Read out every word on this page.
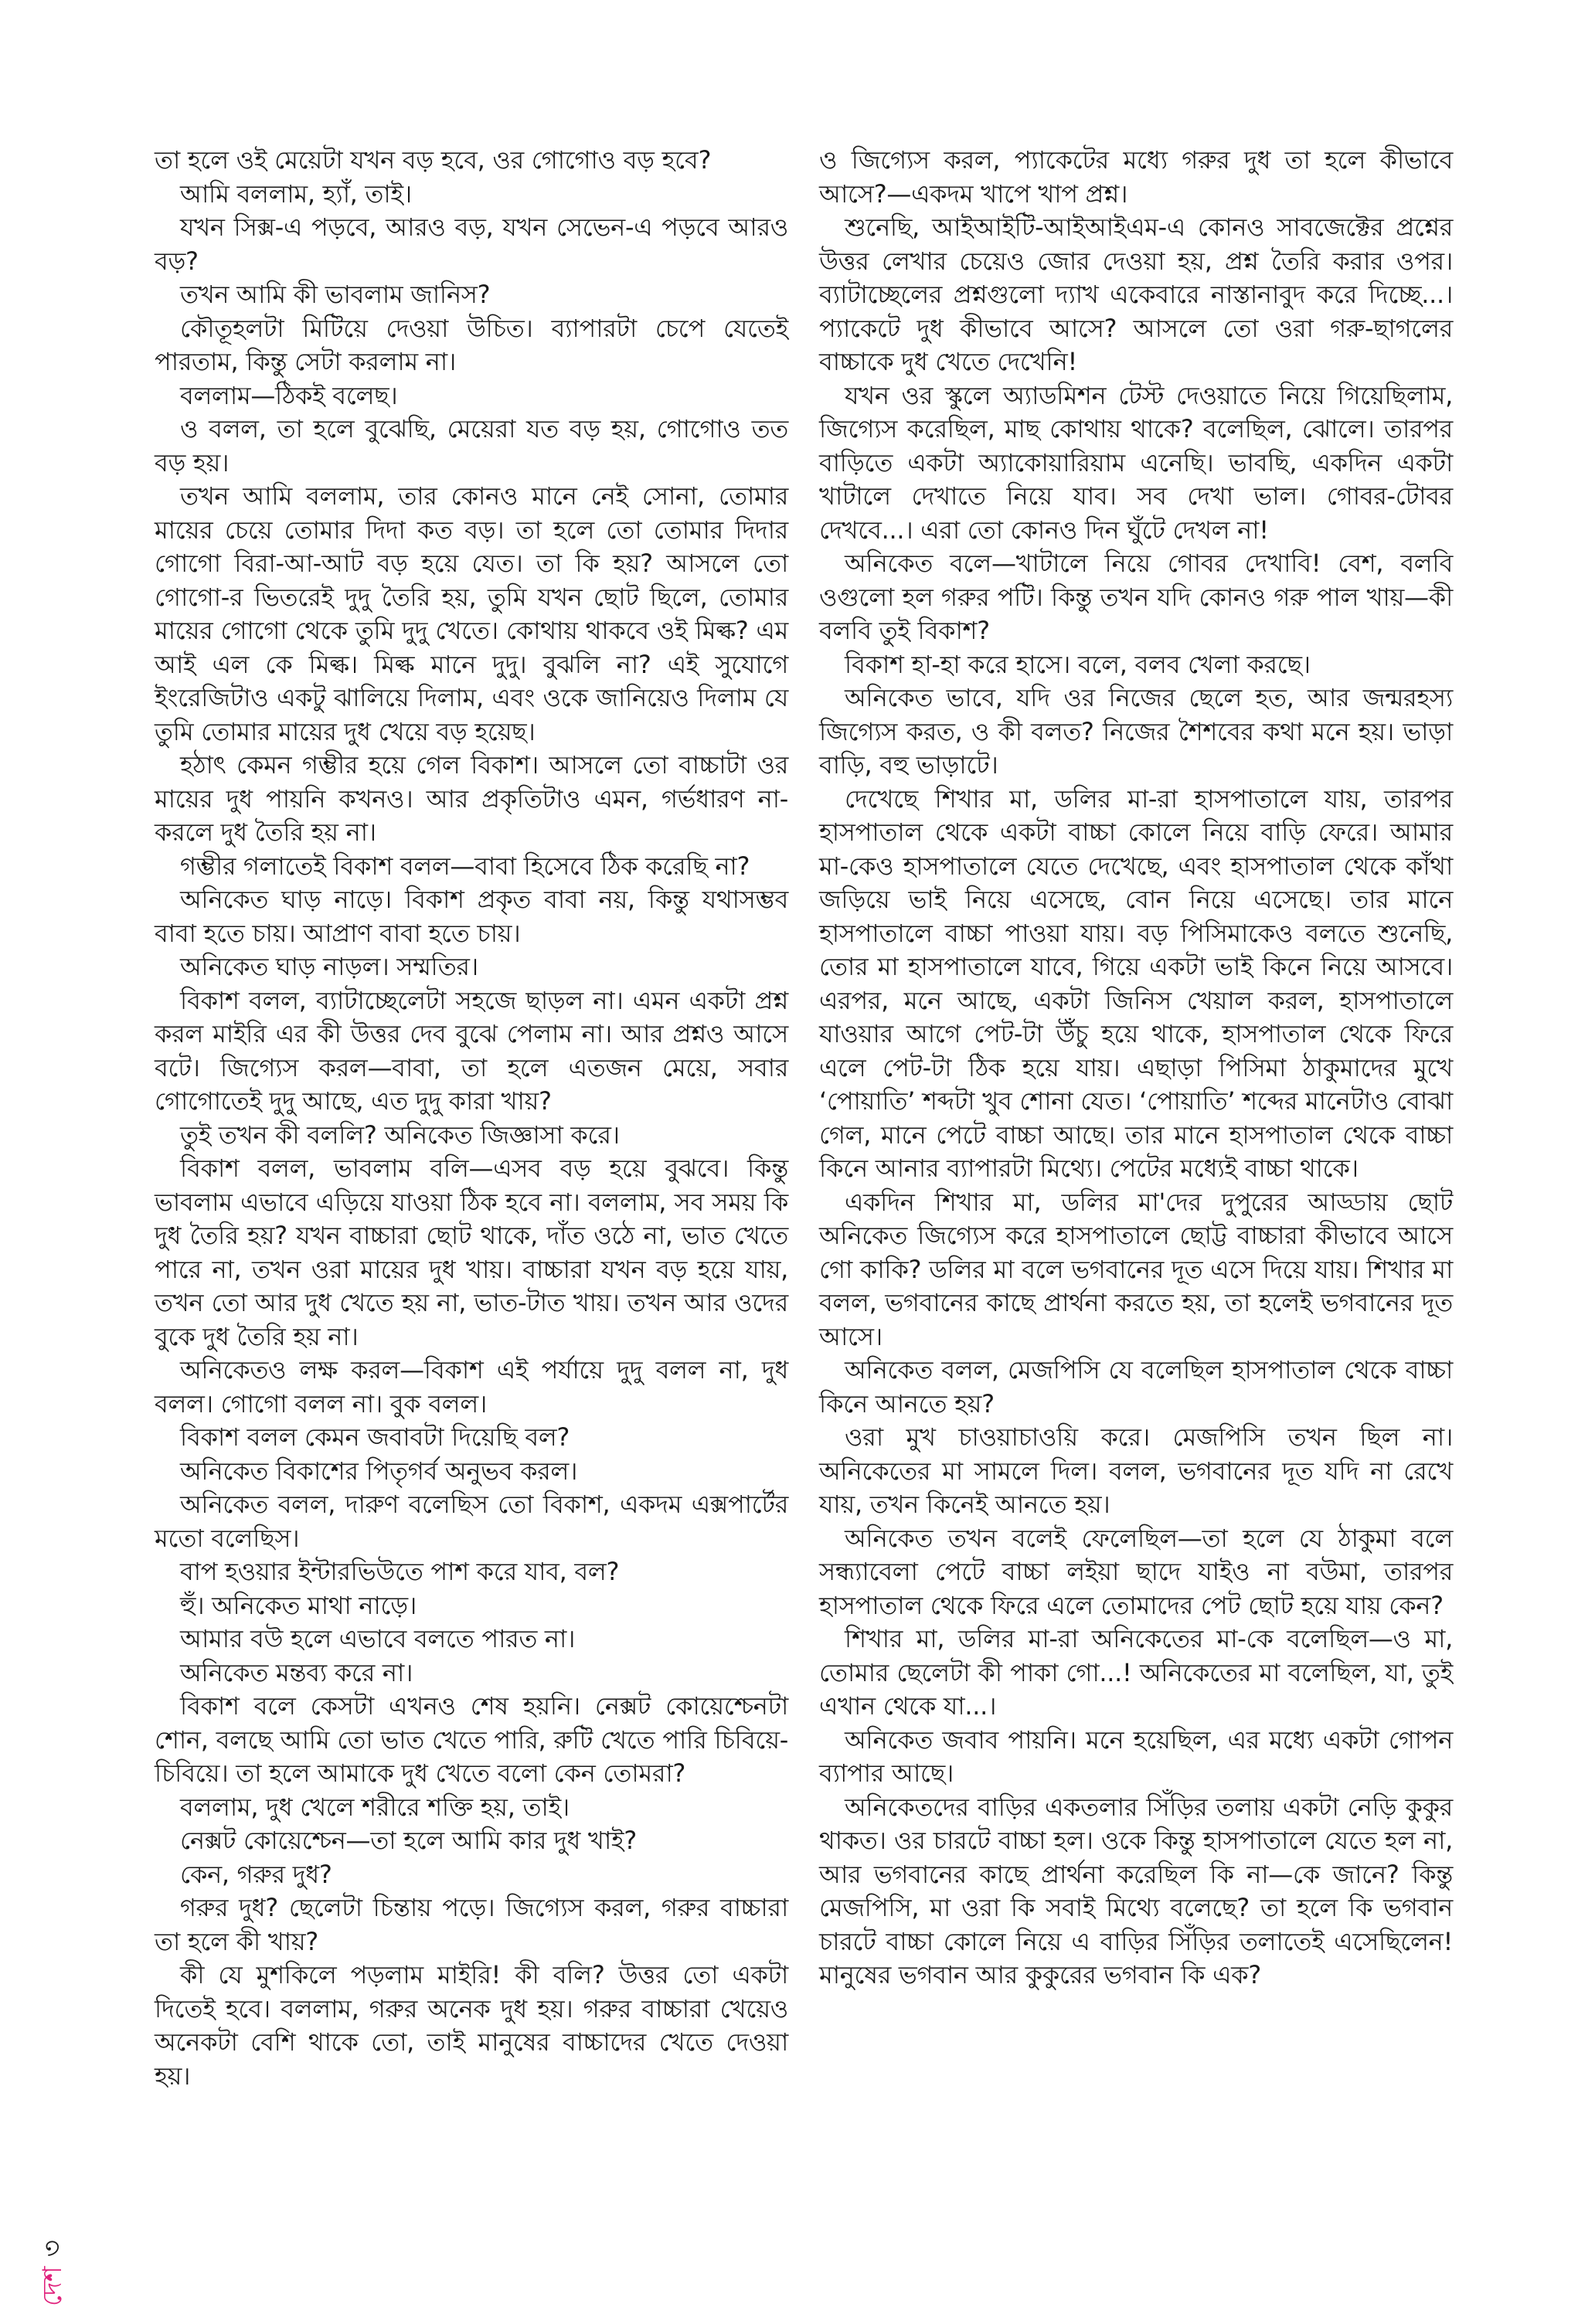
তা হলে ওই মেয়েটা যখন বড় হবে, ওর গোগোও বড় হবে?

আমি বললাম, হ্যাঁ, তাই।

যখন সিক্স-এ পড়বে, আরও বড়, যখন সেভেন-এ পড়বে আরও বড়?

তখন আমি কী ভাবলাম জানিস?

কৌতূহলটা মিটিয়ে দেওয়া উচিত। ব্যাপারটা চেপে যেতেই পারতাম, কিন্তু সেটা করলাম না।

বললাম—ঠিকই বলেছ।

ও বলল, তা হলে বুঝেছি, মেয়েরা যত বড় হয়, গোগোও তত বড় হয়।

তখন আমি বললাম, তার কোনও মানে নেই সোনা, তোমার মায়ের চেয়ে তোমার দিদা কত বড়। তা হলে তো তোমার দিদার গোগো বিরা-আ-আট বড় হয়ে যেত। তা কি হয়? আসলে তো গোগো-র ভিতরেই দুদু তৈরি হয়, তুমি যখন ছোট ছিলে, তোমার মায়ের গোগো থেকে তুমি দুদু খেতে। কোথায় থাকবে ওই মিল্ক? এম আই এল কে মিল্ক। মিল্ক মানে দুদু। বুঝলি না? এই সুযোগে ইংরেজিটাও একটু ঝালিয়ে দিলাম, এবং ওকে জানিয়েও দিলাম যে তুমি তোমার মায়ের দুধ খেয়ে বড় হয়েছ।

হঠাৎ কেমন গম্ভীর হয়ে গেল বিকাশ। আসলে তো বাচ্চাটা ওর মায়ের দুধ পায়নি কখনও। আর প্রকৃতিটাও এমন, গর্ভধারণ না-করলে দুধ তৈরি হয় না।

গম্ভীর গলাতেই বিকাশ বলল—বাবা হিসেবে ঠিক করেছি না?

অনিকেত ঘাড় নাড়ে। বিকাশ প্রকৃত বাবা নয়, কিন্তু যথাসম্ভব বাবা হতে চায়। আপ্রাণ বাবা হতে চায়।

অনিকেত ঘাড় নাড়ল। সম্মতির।

বিকাশ বলল, ব্যাটাচ্ছেলেটা সহজে ছাড়ল না। এমন একটা প্রশ্ন করল মাইরি এর কী উত্তর দেব বুঝে পেলাম না। আর প্রশ্নও আসে বটে। জিগ্যেস করল—বাবা, তা হলে এতজন মেয়ে, সবার গোগোতেই দুদু আছে, এত দুদু কারা খায়?

তুই তখন কী বললি? অনিকেত জিজ্ঞাসা করে।

বিকাশ বলল, ভাবলাম বলি—এসব বড় হয়ে বুঝবে। কিন্তু ভাবলাম এভাবে এড়িয়ে যাওয়া ঠিক হবে না। বললাম, সব সময় কি দুধ তৈরি হয়? যখন বাচ্চারা ছোট থাকে, দাঁত ওঠে না, ভাত খেতে পারে না, তখন ওরা মায়ের দুধ খায়। বাচ্চারা যখন বড় হয়ে যায়, তখন তো আর দুধ খেতে হয় না, ভাত-টাত খায়। তখন আর ওদের বুকে দুধ তৈরি হয় না।

অনিকেতও লক্ষ করল—বিকাশ এই পর্যায়ে দুদু বলল না, দুধ বলল। গোগো বলল না। বুক বলল।

বিকাশ বলল কেমন জবাবটা দিয়েছি বল?

অনিকেত বিকাশের পিতৃগর্ব অনুভব করল।

অনিকেত বলল, দারুণ বলেছিস তো বিকাশ, একদম এক্সপার্টের মতো বলেছিস।

বাপ হওয়ার ইন্টারভিউতে পাশ করে যাব, বল?

হুঁ। অনিকেত মাথা নাড়ে।

আমার বউ হলে এভাবে বলতে পারত না।

অনিকেত মন্তব্য করে না।

বিকাশ বলে কেসটা এখনও শেষ হয়নি। নেক্সট কোয়েশ্চেনটা শোন, বলছে আমি তো ভাত খেতে পারি, রুটি খেতে পারি চিবিয়ে-চিবিয়ে। তা হলে আমাকে দুধ খেতে বলো কেন তোমরা?

বললাম, দুধ খেলে শরীরে শক্তি হয়, তাই।

নেক্সট কোয়েশ্চেন—তা হলে আমি কার দুধ খাই?

কেন, গরুর দুধ?

গরুর দুধ? ছেলেটা চিন্তায় পড়ে। জিগ্যেস করল, গরুর বাচ্চারা তা হলে কী খায়?

কী যে মুশকিলে পড়লাম মাইরি! কী বলি? উত্তর তো একটা দিতেই হবে। বললাম, গরুর অনেক দুধ হয়। গরুর বাচ্চারা খেয়েও অনেকটা বেশি থাকে তো, তাই মানুষের বাচ্চাদের খেতে দেওয়া হয়।

ও জিগ্যেস করল, প্যাকেটের মধ্যে গরুর দুধ তা হলে কীভাবে আসে?—একদম খাপে খাপ প্রশ্ন।

শুনেছি, আইআইটি-আইআইএম-এ কোনও সাবজেক্টের প্রশ্নের উত্তর লেখার চেয়েও জোর দেওয়া হয়, প্রশ্ন তৈরি করার ওপর। ব্যাটাচ্ছেলের প্রশ্নগুলো দ্যাখ একেবারে নাস্তানাবুদ করে দিচ্ছে...। প্যাকেটে দুধ কীভাবে আসে? আসলে তো ওরা গরু-ছাগলের বাচ্চাকে দুধ খেতে দেখেনি!

যখন ওর স্কুলে অ্যাডমিশন টেস্ট দেওয়াতে নিয়ে গিয়েছিলাম, জিগ্যেস করেছিল, মাছ কোথায় থাকে? বলেছিল, ঝোলে। তারপর বাড়িতে একটা অ্যাকোয়ারিয়াম এনেছি। ভাবছি, একদিন একটা খাটালে দেখাতে নিয়ে যাব। সব দেখা ভাল। গোবর-টোবর দেখবে...। এরা তো কোনও দিন ঘুঁটে দেখল না!

অনিকেত বলে—খাটালে নিয়ে গোবর দেখাবি! বেশ, বলবি ওগুলো হল গরুর পটি। কিন্তু তখন যদি কোনও গরু পাল খায়—কী বলবি তুই বিকাশ?

বিকাশ হা-হা করে হাসে। বলে, বলব খেলা করছে।

অনিকেত ভাবে, যদি ওর নিজের ছেলে হত, আর জন্মরহস্য জিগ্যেস করত, ও কী বলত? নিজের শৈশবের কথা মনে হয়। ভাড়া বাড়ি, বহু ভাড়াটে।

দেখেছে শিখার মা, ডলির মা-রা হাসপাতালে যায়, তারপর হাসপাতাল থেকে একটা বাচ্চা কোলে নিয়ে বাড়ি ফেরে। আমার মা-কেও হাসপাতালে যেতে দেখেছে, এবং হাসপাতাল থেকে কাঁথা জড়িয়ে ভাই নিয়ে এসেছে, বোন নিয়ে এসেছে। তার মানে হাসপাতালে বাচ্চা পাওয়া যায়। বড় পিসিমাকেও বলতে শুনেছি, তোর মা হাসপাতালে যাবে, গিয়ে একটা ভাই কিনে নিয়ে আসবে। এরপর, মনে আছে, একটা জিনিস খেয়াল করল, হাসপাতালে যাওয়ার আগে পেট-টা উঁচু হয়ে থাকে, হাসপাতাল থেকে ফিরে এলে পেট-টা ঠিক হয়ে যায়। এছাড়া পিসিমা ঠাকুমাদের মুখে ‘পোয়াতি’ শব্দটা খুব শোনা যেত। ‘পোয়াতি’ শব্দের মানেটাও বোঝা গেল, মানে পেটে বাচ্চা আছে। তার মানে হাসপাতাল থেকে বাচ্চা কিনে আনার ব্যাপারটা মিথ্যে। পেটের মধ্যেই বাচ্চা থাকে।

একদিন শিখার মা, ডলির মা'দের দুপুরের আড্ডায় ছোট অনিকেত জিগ্যেস করে হাসপাতালে ছোট্ট বাচ্চারা কীভাবে আসে গো কাকি? ডলির মা বলে ভগবানের দূত এসে দিয়ে যায়। শিখার মা বলল, ভগবানের কাছে প্রার্থনা করতে হয়, তা হলেই ভগবানের দূত আসে।

অনিকেত বলল, মেজপিসি যে বলেছিল হাসপাতাল থেকে বাচ্চা কিনে আনতে হয়?

ওরা মুখ চাওয়াচাওয়ি করে। মেজপিসি তখন ছিল না। অনিকেতের মা সামলে দিল। বলল, ভগবানের দূত যদি না রেখে যায়, তখন কিনেই আনতে হয়।

অনিকেত তখন বলেই ফেলেছিল—তা হলে যে ঠাকুমা বলে সন্ধ্যাবেলা পেটে বাচ্চা লইয়া ছাদে যাইও না বউমা, তারপর হাসপাতাল থেকে ফিরে এলে তোমাদের পেট ছোট হয়ে যায় কেন?

শিখার মা, ডলির মা-রা অনিকেতের মা-কে বলেছিল—ও মা, তোমার ছেলেটা কী পাকা গো...! অনিকেতের মা বলেছিল, যা, তুই এখান থেকে যা...।

অনিকেত জবাব পায়নি। মনে হয়েছিল, এর মধ্যে একটা গোপন ব্যাপার আছে।

অনিকেতদের বাড়ির একতলার সিঁড়ির তলায় একটা নেড়ি কুকুর থাকত। ওর চারটে বাচ্চা হল। ওকে কিন্তু হাসপাতালে যেতে হল না, আর ভগবানের কাছে প্রার্থনা করেছিল কি না—কে জানে? কিন্তু মেজপিসি, মা ওরা কি সবাই মিথ্যে বলেছে? তা হলে কি ভগবান চারটে বাচ্চা কোলে নিয়ে এ বাড়ির সিঁড়ির তলাতেই এসেছিলেন! মানুষের ভগবান আর কুকুরের ভগবান কি এক?

দেশ৩
